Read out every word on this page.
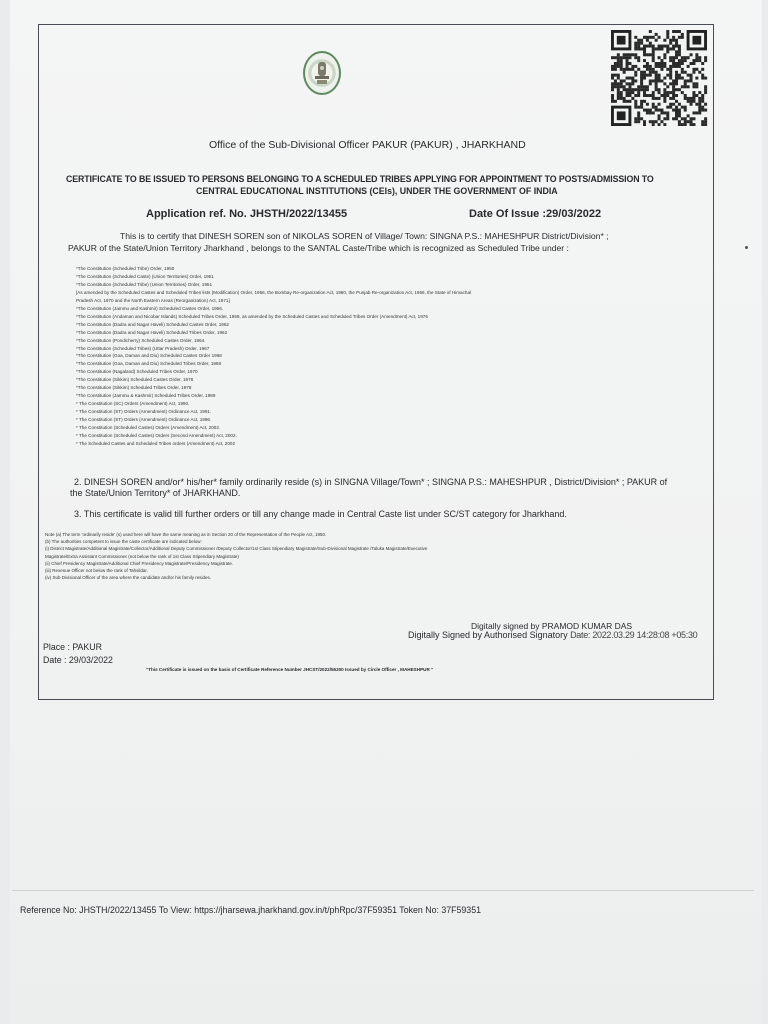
Office of the Sub-Divisional Officer PAKUR (PAKUR) , JHARKHAND
CERTIFICATE TO BE ISSUED TO PERSONS BELONGING TO A SCHEDULED TRIBES APPLYING FOR APPOINTMENT TO POSTS/ADMISSION TO
CENTRAL EDUCATIONAL INSTITUTIONS (CEIs), UNDER THE GOVERNMENT OF INDIA
Application ref. No. JHSTH/2022/13455	Date Of Issue :29/03/2022
This is to certify that DINESH SOREN son of NIKOLAS SOREN of Village/ Town: SINGNA P.S.: MAHESHPUR District/Division* ;
PAKUR of the State/Union Territory Jharkhand , belongs to the SANTAL Caste/Tribe which is recognized as Scheduled Tribe under :
*The Constitution (Scheduled Tribe) Order, 1950
*The Constitution (Scheduled Caste) (Union Territories) Order, 1951
*The Constitution (Scheduled Tribe) (Union Territories) Order, 1951
[As amended by the Scheduled Castes and Scheduled Tribes lists (Modification) Order, 1956, the Bombay Re-organization Act, 1960, the Punjab Re-organization Act, 1966, the State of Himachal
Pradesh Act, 1970 and the North Eastern Areas (Reorganization) Act, 1971]
*The Constitution (Jammu and Kashmir) Scheduled Castes Order, 1956.
*The Constitution (Andaman and Nicobar Islands) Scheduled Tribes Order, 1959, as amended by the Scheduled Castes and Scheduled Tribes Order (Amendment) Act, 1976
*The Constitution (Dadra and Nagar Haveli) Scheduled Castes Order, 1962
*The Constitution (Dadra and Nagar Haveli) Scheduled Tribes Order, 1962
*The Constitution (Pondicherry) Scheduled Castes Order, 1964.
*The Constitution (Scheduled Tribes) (Uttar Pradesh) Order, 1967
*The Constitution (Goa, Daman and Diu) Scheduled Castes Order 1968
*The Constitution (Goa, Daman and Diu) Scheduled Tribes Order, 1968
*The Constitution (Nagaland) Scheduled Tribes Order, 1970
*The Constitution (Sikkim) Scheduled Castes Order, 1978
*The Constitution (Sikkim) Scheduled Tribes Order, 1978
*The Constitution (Jammu & Kashmir) Scheduled Tribes Order, 1989
* The Constitution (SC) Orders (Amendment) Act, 1990.
* The Constitution (ST) Orders (Amendment) Ordinance Act, 1991.
* The Constitution (ST) Orders (Amendment) Ordinance Act, 1996.
* The Constitution (Scheduled Castes) Orders (Amendment) Act, 2002.
* The Constitution (Scheduled Castes) Orders (Second Amendment) Act, 2002.
* The Scheduled Castes and Scheduled Tribes orders (Amendment) Act, 2002
2. DINESH SOREN and/or* his/her* family ordinarily reside (s) in SINGNA Village/Town* ; SINGNA P.S.: MAHESHPUR , District/Division* ; PAKUR of
the State/Union Territory* of JHARKHAND.
3. This certificate is valid till further orders or till any change made in Central Caste list under SC/ST category for Jharkhand.
Note (a) The term 'ordinarily reside' (s) used here will have the same meaning as in Section 20 of the Representation of the People Act, 1950.
(b) The authorities competent to issue the caste certificate are indicated below:
(i) District Magistrate/Additional Magistrate/Collector/Additional Deputy Commissioner /Deputy Collector/1st Class Stipendiary Magistrate/Sub-Divisional Magistrate /Taluka Magistrate/Executive
Magistrate/Extra Assistant Commissioner (not below the rank of 1st Class Stipendiary Magistrate)
(ii) Chief Presidency Magistrate/Additional Chief Presidency Magistrate/Presidency Magistrate.
(iii) Revenue Officer not below the rank of Tahsildar.
(iv) Sub Divisional Officer of the area where the candidate and/or his family resides.
Digitally signed by PRAMOD KUMAR DAS
Digitally Signed by Authorised Signatory Date: 2022.03.29 14:28:08 +05:30
Place : PAKUR
Date : 29/03/2022
"This Certificate is issued on the basis of Certificate Reference Number JHCST/2022/55200 Issued by Circle Officer , MAHESHPUR "
Reference No: JHSTH/2022/13455 To View: https://jharsewa.jharkhand.gov.in/t/phRpc/37F59351 Token No: 37F59351
